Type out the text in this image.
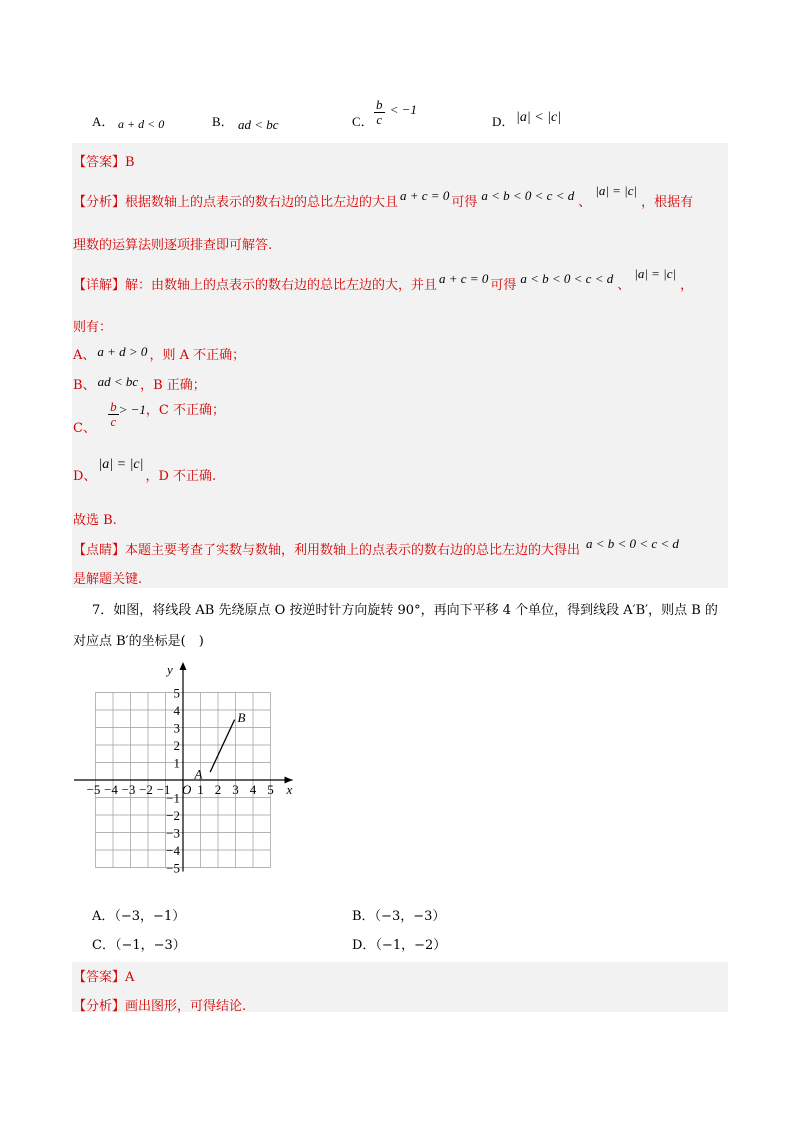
A． a + d < 0	B． ad < bc	C． $\frac{b}{c} ^{< -1}$
D． |a| < |c|
【答案】B
【分析】根据数轴上的点表示的数右边的总比左边的大且 a + c = 0 可得 a < b < 0 < c < d 、|a| = |c|，根据有
理数的运算法则逐项排查即可解答.
【详解】解：由数轴上的点表示的数右边的总比左边的大，并且 a + c = 0 可得 a < b < 0 < c < d 、|a| = |c|，
则有：
A、 a + d > 0 ，则 A 不正确；
B、 ad < bc ，B 正确；
C、 $\frac{b}{c} > -1$，C 不正确；
D、|a| = |c|，D 不正确.
故选 B.
【点睛】本题主要考查了实数与数轴，利用数轴上的点表示的数右边的总比左边的大得出 a < b < 0 < c < d
是解题关键.
7．如图，将线段 AB 先绕原点 O 按逆时针方向旋转 90°，再向下平移 4 个单位，得到线段 A′B′，则点 B 的
对应点 B′的坐标是(　)
−5 −4 −3 −2 −1 1 2 3 4 5
5
4
3
2
1
−1
−2
−3
−4
−5
A
B
O	x
y
A．（−3，−1）	B．（−3，−3）
C．（−1，−3）	D．（−1，−2）
【答案】A
【分析】画出图形，可得结论.
